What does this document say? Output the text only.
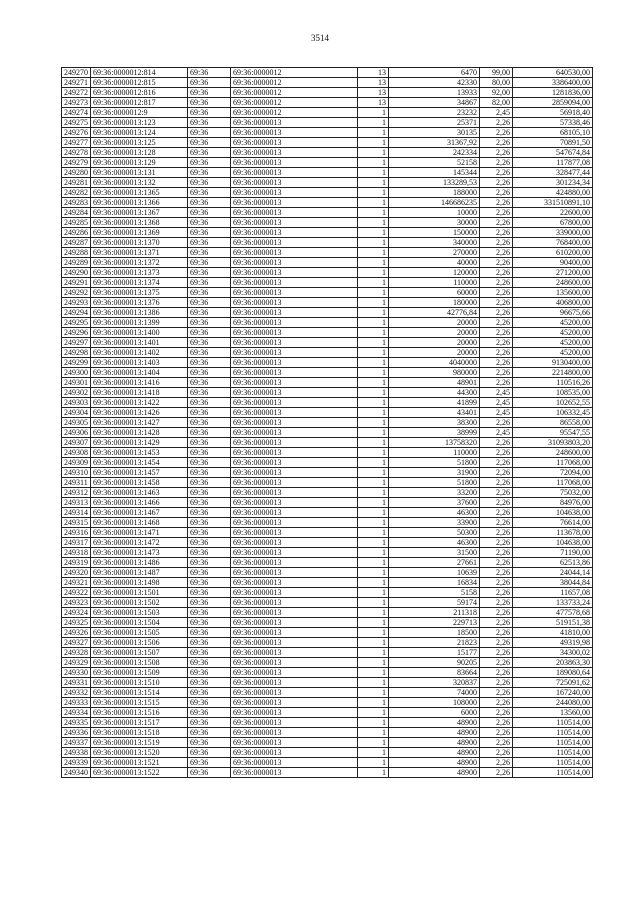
3514
249270	69:36:0000012:814	69:36	69:36:0000012	13	6470	99,00	640530,00
249271	69:36:0000012:815	69:36	69:36:0000012	13	42330	80,00	3386400,00
249272	69:36:0000012:816	69:36	69:36:0000012	13	13933	92,00	1281836,00
249273	69:36:0000012:817	69:36	69:36:0000012	13	34867	82,00	2859094,00
249274	69:36:0000012:9	69:36	69:36:0000012	1	23232	2,45	56918,40
249275	69:36:0000013:123	69:36	69:36:0000013	1	25371	2,26	57338,46
249276	69:36:0000013:124	69:36	69:36:0000013	1	30135	2,26	68105,10
249277	69:36:0000013:125	69:36	69:36:0000013	1	31367,92	2,26	70891,50
249278	69:36:0000013:128	69:36	69:36:0000013	1	242334	2,26	547674,84
249279	69:36:0000013:129	69:36	69:36:0000013	1	52158	2,26	117877,08
249280	69:36:0000013:131	69:36	69:36:0000013	1	145344	2,26	328477,44
249281	69:36:0000013:132	69:36	69:36:0000013	1	133289,53	2,26	301234,34
249282	69:36:0000013:1365	69:36	69:36:0000013	1	188000	2,26	424880,00
249283	69:36:0000013:1366	69:36	69:36:0000013	1	146686235	2,26	331510891,10
249284	69:36:0000013:1367	69:36	69:36:0000013	1	10000	2,26	22600,00
249285	69:36:0000013:1368	69:36	69:36:0000013	1	30000	2,26	67800,00
249286	69:36:0000013:1369	69:36	69:36:0000013	1	150000	2,26	339000,00
249287	69:36:0000013:1370	69:36	69:36:0000013	1	340000	2,26	768400,00
249288	69:36:0000013:1371	69:36	69:36:0000013	1	270000	2,26	610200,00
249289	69:36:0000013:1372	69:36	69:36:0000013	1	40000	2,26	90400,00
249290	69:36:0000013:1373	69:36	69:36:0000013	1	120000	2,26	271200,00
249291	69:36:0000013:1374	69:36	69:36:0000013	1	110000	2,26	248600,00
249292	69:36:0000013:1375	69:36	69:36:0000013	1	60000	2,26	135600,00
249293	69:36:0000013:1376	69:36	69:36:0000013	1	180000	2,26	406800,00
249294	69:36:0000013:1386	69:36	69:36:0000013	1	42776,84	2,26	96675,66
249295	69:36:0000013:1399	69:36	69:36:0000013	1	20000	2,26	45200,00
249296	69:36:0000013:1400	69:36	69:36:0000013	1	20000	2,26	45200,00
249297	69:36:0000013:1401	69:36	69:36:0000013	1	20000	2,26	45200,00
249298	69:36:0000013:1402	69:36	69:36:0000013	1	20000	2,26	45200,00
249299	69:36:0000013:1403	69:36	69:36:0000013	1	4040000	2,26	9130400,00
249300	69:36:0000013:1404	69:36	69:36:0000013	1	980000	2,26	2214800,00
249301	69:36:0000013:1416	69:36	69:36:0000013	1	48901	2,26	110516,26
249302	69:36:0000013:1418	69:36	69:36:0000013	1	44300	2,45	108535,00
249303	69:36:0000013:1422	69:36	69:36:0000013	1	41899	2,45	102652,55
249304	69:36:0000013:1426	69:36	69:36:0000013	1	43401	2,45	106332,45
249305	69:36:0000013:1427	69:36	69:36:0000013	1	38300	2,26	86558,00
249306	69:36:0000013:1428	69:36	69:36:0000013	1	38999	2,45	95547,55
249307	69:36:0000013:1429	69:36	69:36:0000013	1	13758320	2,26	31093803,20
249308	69:36:0000013:1453	69:36	69:36:0000013	1	110000	2,26	248600,00
249309	69:36:0000013:1454	69:36	69:36:0000013	1	51800	2,26	117068,00
249310	69:36:0000013:1457	69:36	69:36:0000013	1	31900	2,26	72094,00
249311	69:36:0000013:1458	69:36	69:36:0000013	1	51800	2,26	117068,00
249312	69:36:0000013:1463	69:36	69:36:0000013	1	33200	2,26	75032,00
249313	69:36:0000013:1466	69:36	69:36:0000013	1	37600	2,26	84976,00
249314	69:36:0000013:1467	69:36	69:36:0000013	1	46300	2,26	104638,00
249315	69:36:0000013:1468	69:36	69:36:0000013	1	33900	2,26	76614,00
249316	69:36:0000013:1471	69:36	69:36:0000013	1	50300	2,26	113678,00
249317	69:36:0000013:1472	69:36	69:36:0000013	1	46300	2,26	104638,00
249318	69:36:0000013:1473	69:36	69:36:0000013	1	31500	2,26	71190,00
249319	69:36:0000013:1486	69:36	69:36:0000013	1	27661	2,26	62513,86
249320	69:36:0000013:1487	69:36	69:36:0000013	1	10639	2,26	24044,14
249321	69:36:0000013:1498	69:36	69:36:0000013	1	16834	2,26	38044,84
249322	69:36:0000013:1501	69:36	69:36:0000013	1	5158	2,26	11657,08
249323	69:36:0000013:1502	69:36	69:36:0000013	1	59174	2,26	133733,24
249324	69:36:0000013:1503	69:36	69:36:0000013	1	211318	2,26	477578,68
249325	69:36:0000013:1504	69:36	69:36:0000013	1	229713	2,26	519151,38
249326	69:36:0000013:1505	69:36	69:36:0000013	1	18500	2,26	41810,00
249327	69:36:0000013:1506	69:36	69:36:0000013	1	21823	2,26	49319,98
249328	69:36:0000013:1507	69:36	69:36:0000013	1	15177	2,26	34300,02
249329	69:36:0000013:1508	69:36	69:36:0000013	1	90205	2,26	203863,30
249330	69:36:0000013:1509	69:36	69:36:0000013	1	83664	2,26	189080,64
249331	69:36:0000013:1510	69:36	69:36:0000013	1	320837	2,26	725091,62
249332	69:36:0000013:1514	69:36	69:36:0000013	1	74000	2,26	167240,00
249333	69:36:0000013:1515	69:36	69:36:0000013	1	108000	2,26	244080,00
249334	69:36:0000013:1516	69:36	69:36:0000013	1	6000	2,26	13560,00
249335	69:36:0000013:1517	69:36	69:36:0000013	1	48900	2,26	110514,00
249336	69:36:0000013:1518	69:36	69:36:0000013	1	48900	2,26	110514,00
249337	69:36:0000013:1519	69:36	69:36:0000013	1	48900	2,26	110514,00
249338	69:36:0000013:1520	69:36	69:36:0000013	1	48900	2,26	110514,00
249339	69:36:0000013:1521	69:36	69:36:0000013	1	48900	2,26	110514,00
249340	69:36:0000013:1522	69:36	69:36:0000013	1	48900	2,26	110514,00
